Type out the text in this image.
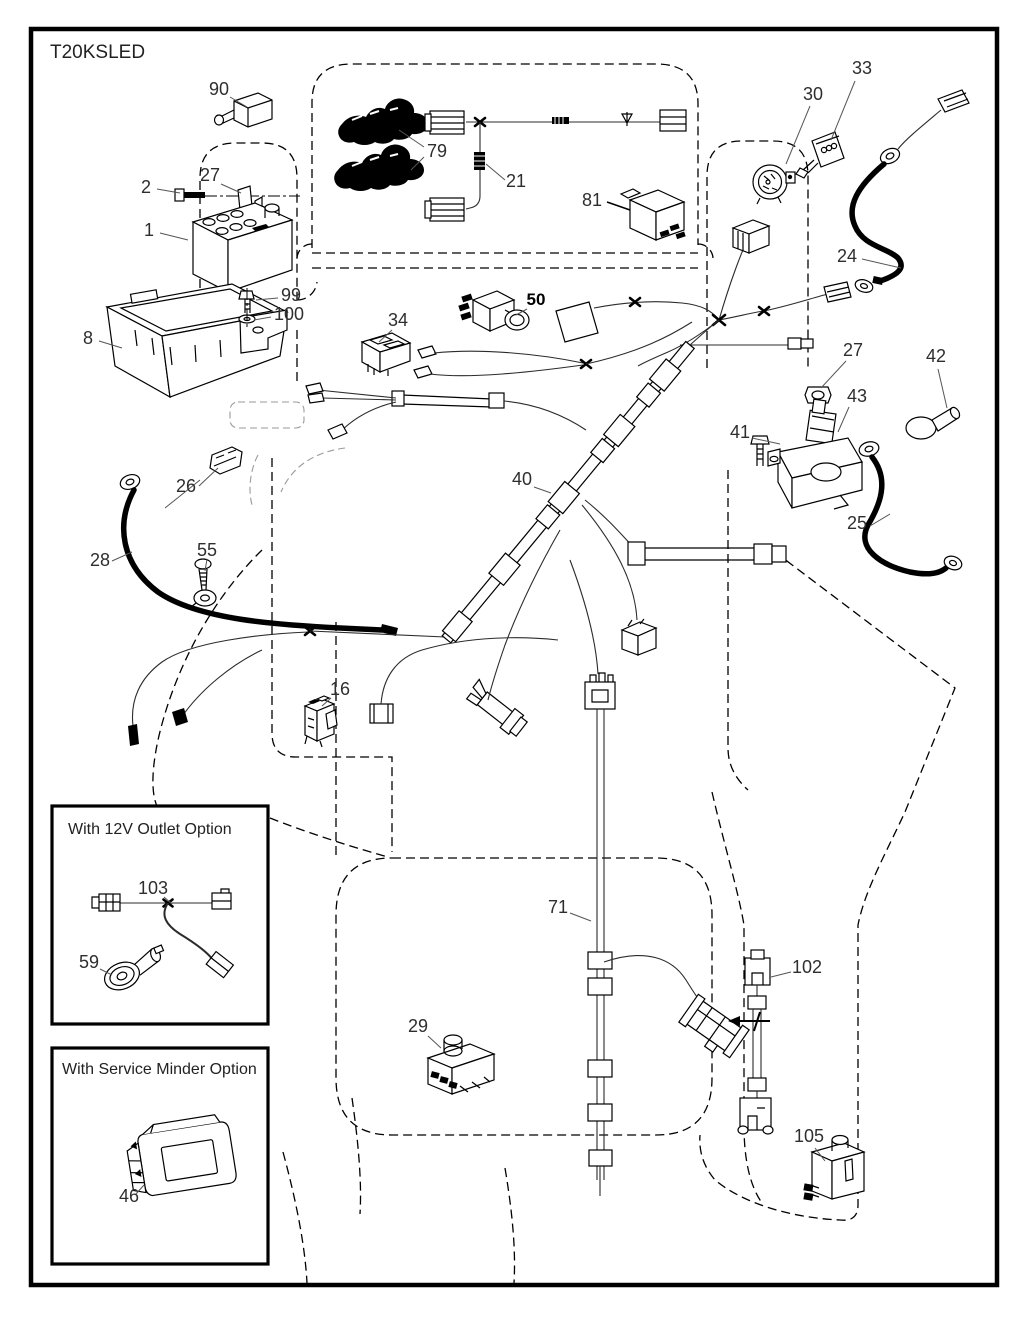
T20KSLED
90
2
27
1
99
100
8
79
21
81
30
33
24
34
50
26
28	55
40
27
41
43
42
25
16
With 12V Outlet Option
103
59
With Service Minder Option
46
29
71
102
105
